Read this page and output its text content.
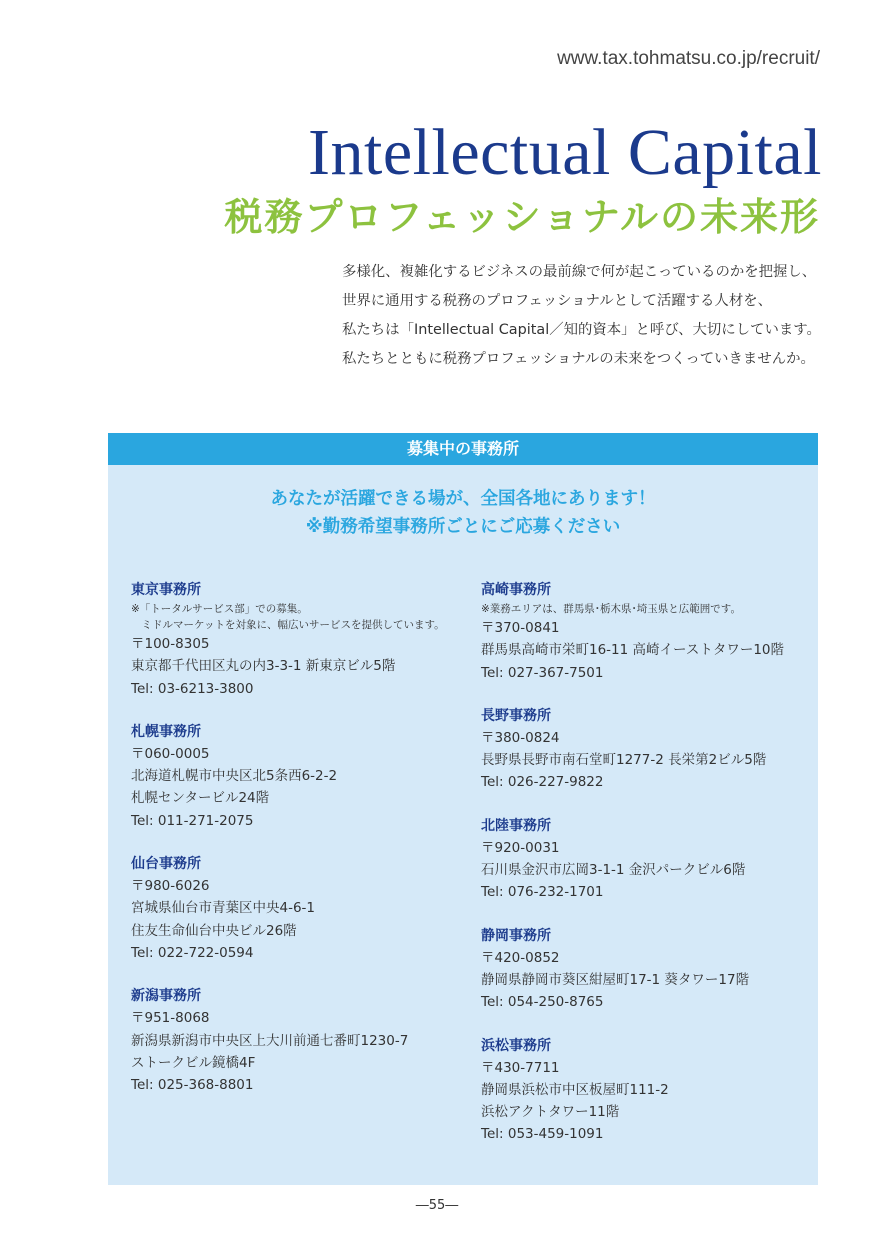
www.tax.tohmatsu.co.jp/recruit/

Intellectual Capital
税務プロフェッショナルの未来形

多様化、複雑化するビジネスの最前線で何が起こっているのかを把握し、

世界に通用する税務のプロフェッショナルとして活躍する人材を、

私たちは「Intellectual Capital／知的資本」と呼び、大切にしています。

私たちとともに税務プロフェッショナルの未来をつくっていきませんか。

募集中の事務所
あなたが活躍できる場が、全国各地にあります！
※勤務希望事務所ごとにご応募ください

東京事務所

※「トータルサービス部」での募集。

　ミドルマーケットを対象に、幅広いサービスを提供しています。

〒100-8305

東京都千代田区丸の内3-3-1 新東京ビル5階

Tel: 03-6213-3800

札幌事務所

〒060-0005

北海道札幌市中央区北5条西6-2-2

札幌センタービル24階

Tel: 011-271-2075

仙台事務所

〒980-6026

宮城県仙台市青葉区中央4-6-1

住友生命仙台中央ビル26階

Tel: 022-722-0594

新潟事務所

〒951-8068

新潟県新潟市中央区上大川前通七番町1230-7

ストークビル鏡橋4F

Tel: 025-368-8801

高崎事務所

※業務エリアは、群馬県･栃木県･埼玉県と広範囲です。

〒370-0841

群馬県高崎市栄町16-11 高崎イーストタワー10階

Tel: 027-367-7501

長野事務所

〒380-0824

長野県長野市南石堂町1277-2 長栄第2ビル5階

Tel: 026-227-9822

北陸事務所

〒920-0031

石川県金沢市広岡3-1-1 金沢パークビル6階

Tel: 076-232-1701

静岡事務所

〒420-0852

静岡県静岡市葵区紺屋町17-1 葵タワー17階

Tel: 054-250-8765

浜松事務所

〒430-7711

静岡県浜松市中区板屋町111-2

浜松アクトタワー11階

Tel: 053-459-1091

―55―
